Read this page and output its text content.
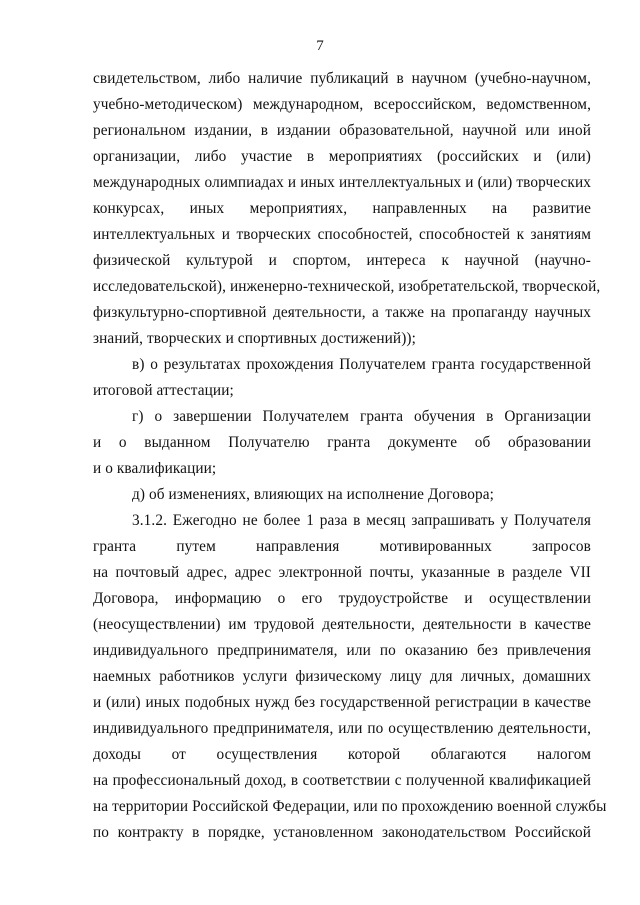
7
свидетельством, либо наличие публикаций в научном (учебно-научном,
учебно-методическом) международном, всероссийском, ведомственном,
региональном издании, в издании образовательной, научной или иной
организации, либо участие в мероприятиях (российских и (или)
международных олимпиадах и иных интеллектуальных и (или) творческих
конкурсах, иных мероприятиях, направленных на развитие
интеллектуальных и творческих способностей, способностей к занятиям
физической культурой и спортом, интереса к научной (научно-
исследовательской), инженерно-технической, изобретательской, творческой,
физкультурно-спортивной деятельности, а также на пропаганду научных
знаний, творческих и спортивных достижений));
в) о результатах прохождения Получателем гранта государственной
итоговой аттестации;
г) о завершении Получателем гранта обучения в Организации
и о выданном Получателю гранта документе об образовании
и о квалификации;
д) об изменениях, влияющих на исполнение Договора;
3.1.2. Ежегодно не более 1 раза в месяц запрашивать у Получателя
гранта путем направления мотивированных запросов
на почтовый адрес, адрес электронной почты, указанные в разделе VII
Договора, информацию о его трудоустройстве и осуществлении
(неосуществлении) им трудовой деятельности, деятельности в качестве
индивидуального предпринимателя, или по оказанию без привлечения
наемных работников услуги физическому лицу для личных, домашних
и (или) иных подобных нужд без государственной регистрации в качестве
индивидуального предпринимателя, или по осуществлению деятельности,
доходы от осуществления которой облагаются налогом
на профессиональный доход, в соответствии с полученной квалификацией
на территории Российской Федерации, или по прохождению военной службы
по контракту в порядке, установленном законодательством Российской
